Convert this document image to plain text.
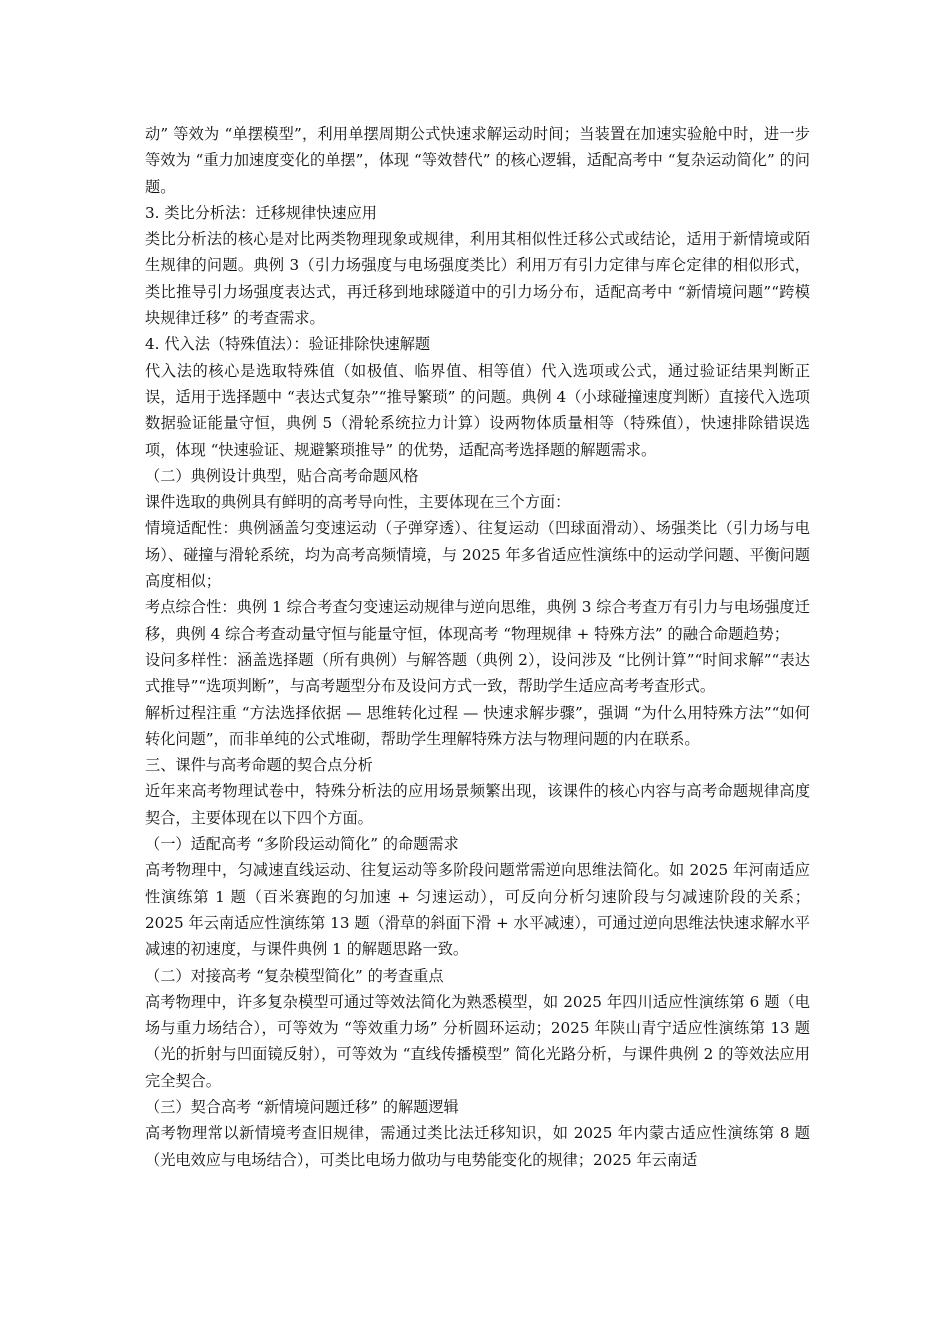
动” 等效为 “单摆模型”，利用单摆周期公式快速求解运动时间；当装置在加速实验舱中时，进一步等效为 “重力加速度变化的单摆”，体现 “等效替代” 的核心逻辑，适配高考中 “复杂运动简化” 的问题。

3. 类比分析法：迁移规律快速应用

类比分析法的核心是对比两类物理现象或规律，利用其相似性迁移公式或结论，适用于新情境或陌生规律的问题。典例 3（引力场强度与电场强度类比）利用万有引力定律与库仑定律的相似形式，类比推导引力场强度表达式，再迁移到地球隧道中的引力场分布，适配高考中 “新情境问题”“跨模块规律迁移” 的考查需求。

4. 代入法（特殊值法）：验证排除快速解题

代入法的核心是选取特殊值（如极值、临界值、相等值）代入选项或公式，通过验证结果判断正误，适用于选择题中 “表达式复杂”“推导繁琐” 的问题。典例 4（小球碰撞速度判断）直接代入选项数据验证能量守恒，典例 5（滑轮系统拉力计算）设两物体质量相等（特殊值），快速排除错误选项，体现 “快速验证、规避繁琐推导” 的优势，适配高考选择题的解题需求。

（二）典例设计典型，贴合高考命题风格

课件选取的典例具有鲜明的高考导向性，主要体现在三个方面：

情境适配性：典例涵盖匀变速运动（子弹穿透）、往复运动（凹球面滑动）、场强类比（引力场与电场）、碰撞与滑轮系统，均为高考高频情境，与 2025 年多省适应性演练中的运动学问题、平衡问题高度相似；

考点综合性：典例 1 综合考查匀变速运动规律与逆向思维，典例 3 综合考查万有引力与电场强度迁移，典例 4 综合考查动量守恒与能量守恒，体现高考 “物理规律 + 特殊方法” 的融合命题趋势；

设问多样性：涵盖选择题（所有典例）与解答题（典例 2），设问涉及 “比例计算”“时间求解”“表达式推导”“选项判断”，与高考题型分布及设问方式一致，帮助学生适应高考考查形式。

解析过程注重 “方法选择依据 — 思维转化过程 — 快速求解步骤”，强调 “为什么用特殊方法”“如何转化问题”，而非单纯的公式堆砌，帮助学生理解特殊方法与物理问题的内在联系。

三、课件与高考命题的契合点分析

近年来高考物理试卷中，特殊分析法的应用场景频繁出现，该课件的核心内容与高考命题规律高度契合，主要体现在以下四个方面。

（一）适配高考 “多阶段运动简化” 的命题需求

高考物理中，匀减速直线运动、往复运动等多阶段问题常需逆向思维法简化。如 2025 年河南适应性演练第 1 题（百米赛跑的匀加速 + 匀速运动），可反向分析匀速阶段与匀减速阶段的关系；2025 年云南适应性演练第 13 题（滑草的斜面下滑 + 水平减速），可通过逆向思维法快速求解水平减速的初速度，与课件典例 1 的解题思路一致。

（二）对接高考 “复杂模型简化” 的考查重点

高考物理中，许多复杂模型可通过等效法简化为熟悉模型，如 2025 年四川适应性演练第 6 题（电场与重力场结合），可等效为 “等效重力场” 分析圆环运动；2025 年陕山青宁适应性演练第 13 题（光的折射与凹面镜反射），可等效为 “直线传播模型” 简化光路分析，与课件典例 2 的等效法应用完全契合。

（三）契合高考 “新情境问题迁移” 的解题逻辑

高考物理常以新情境考查旧规律，需通过类比法迁移知识，如 2025 年内蒙古适应性演练第 8 题（光电效应与电场结合），可类比电场力做功与电势能变化的规律；2025 年云南适
